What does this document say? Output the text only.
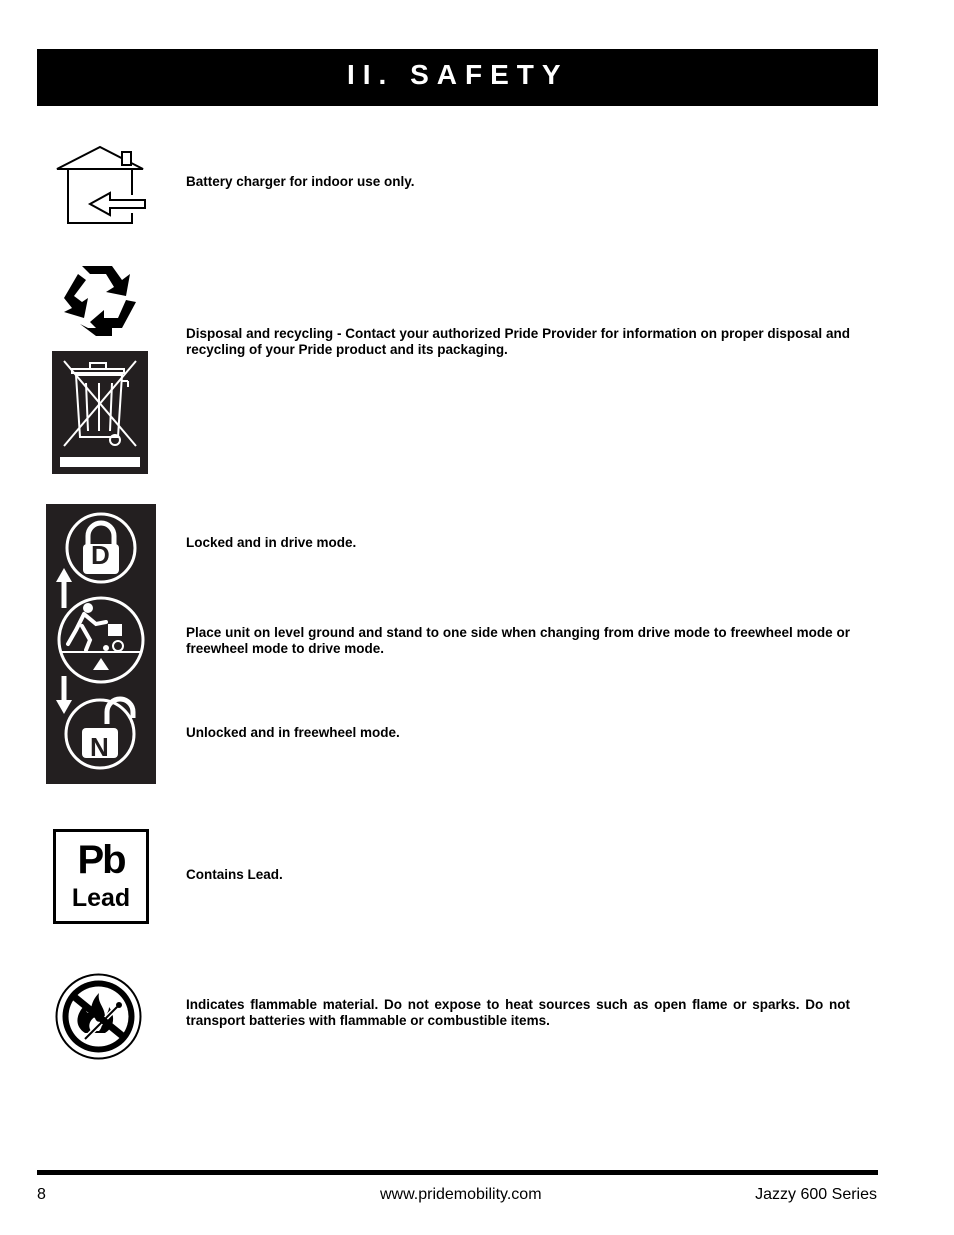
II. SAFETY
Battery charger for indoor use only.
Disposal and recycling - Contact your authorized Pride Provider for information on proper disposal and recycling of your Pride product and its packaging.
D
N
Locked and in drive mode.
Place unit on level ground and stand to one side when changing from drive mode to freewheel mode or freewheel mode to drive mode.
Unlocked and in freewheel mode.
Pb
Lead
Contains Lead.
Indicates flammable material. Do not expose to heat sources such as open flame or sparks. Do not transport batteries with flammable or combustible items.
8	www.pridemobility.com	Jazzy 600 Series
